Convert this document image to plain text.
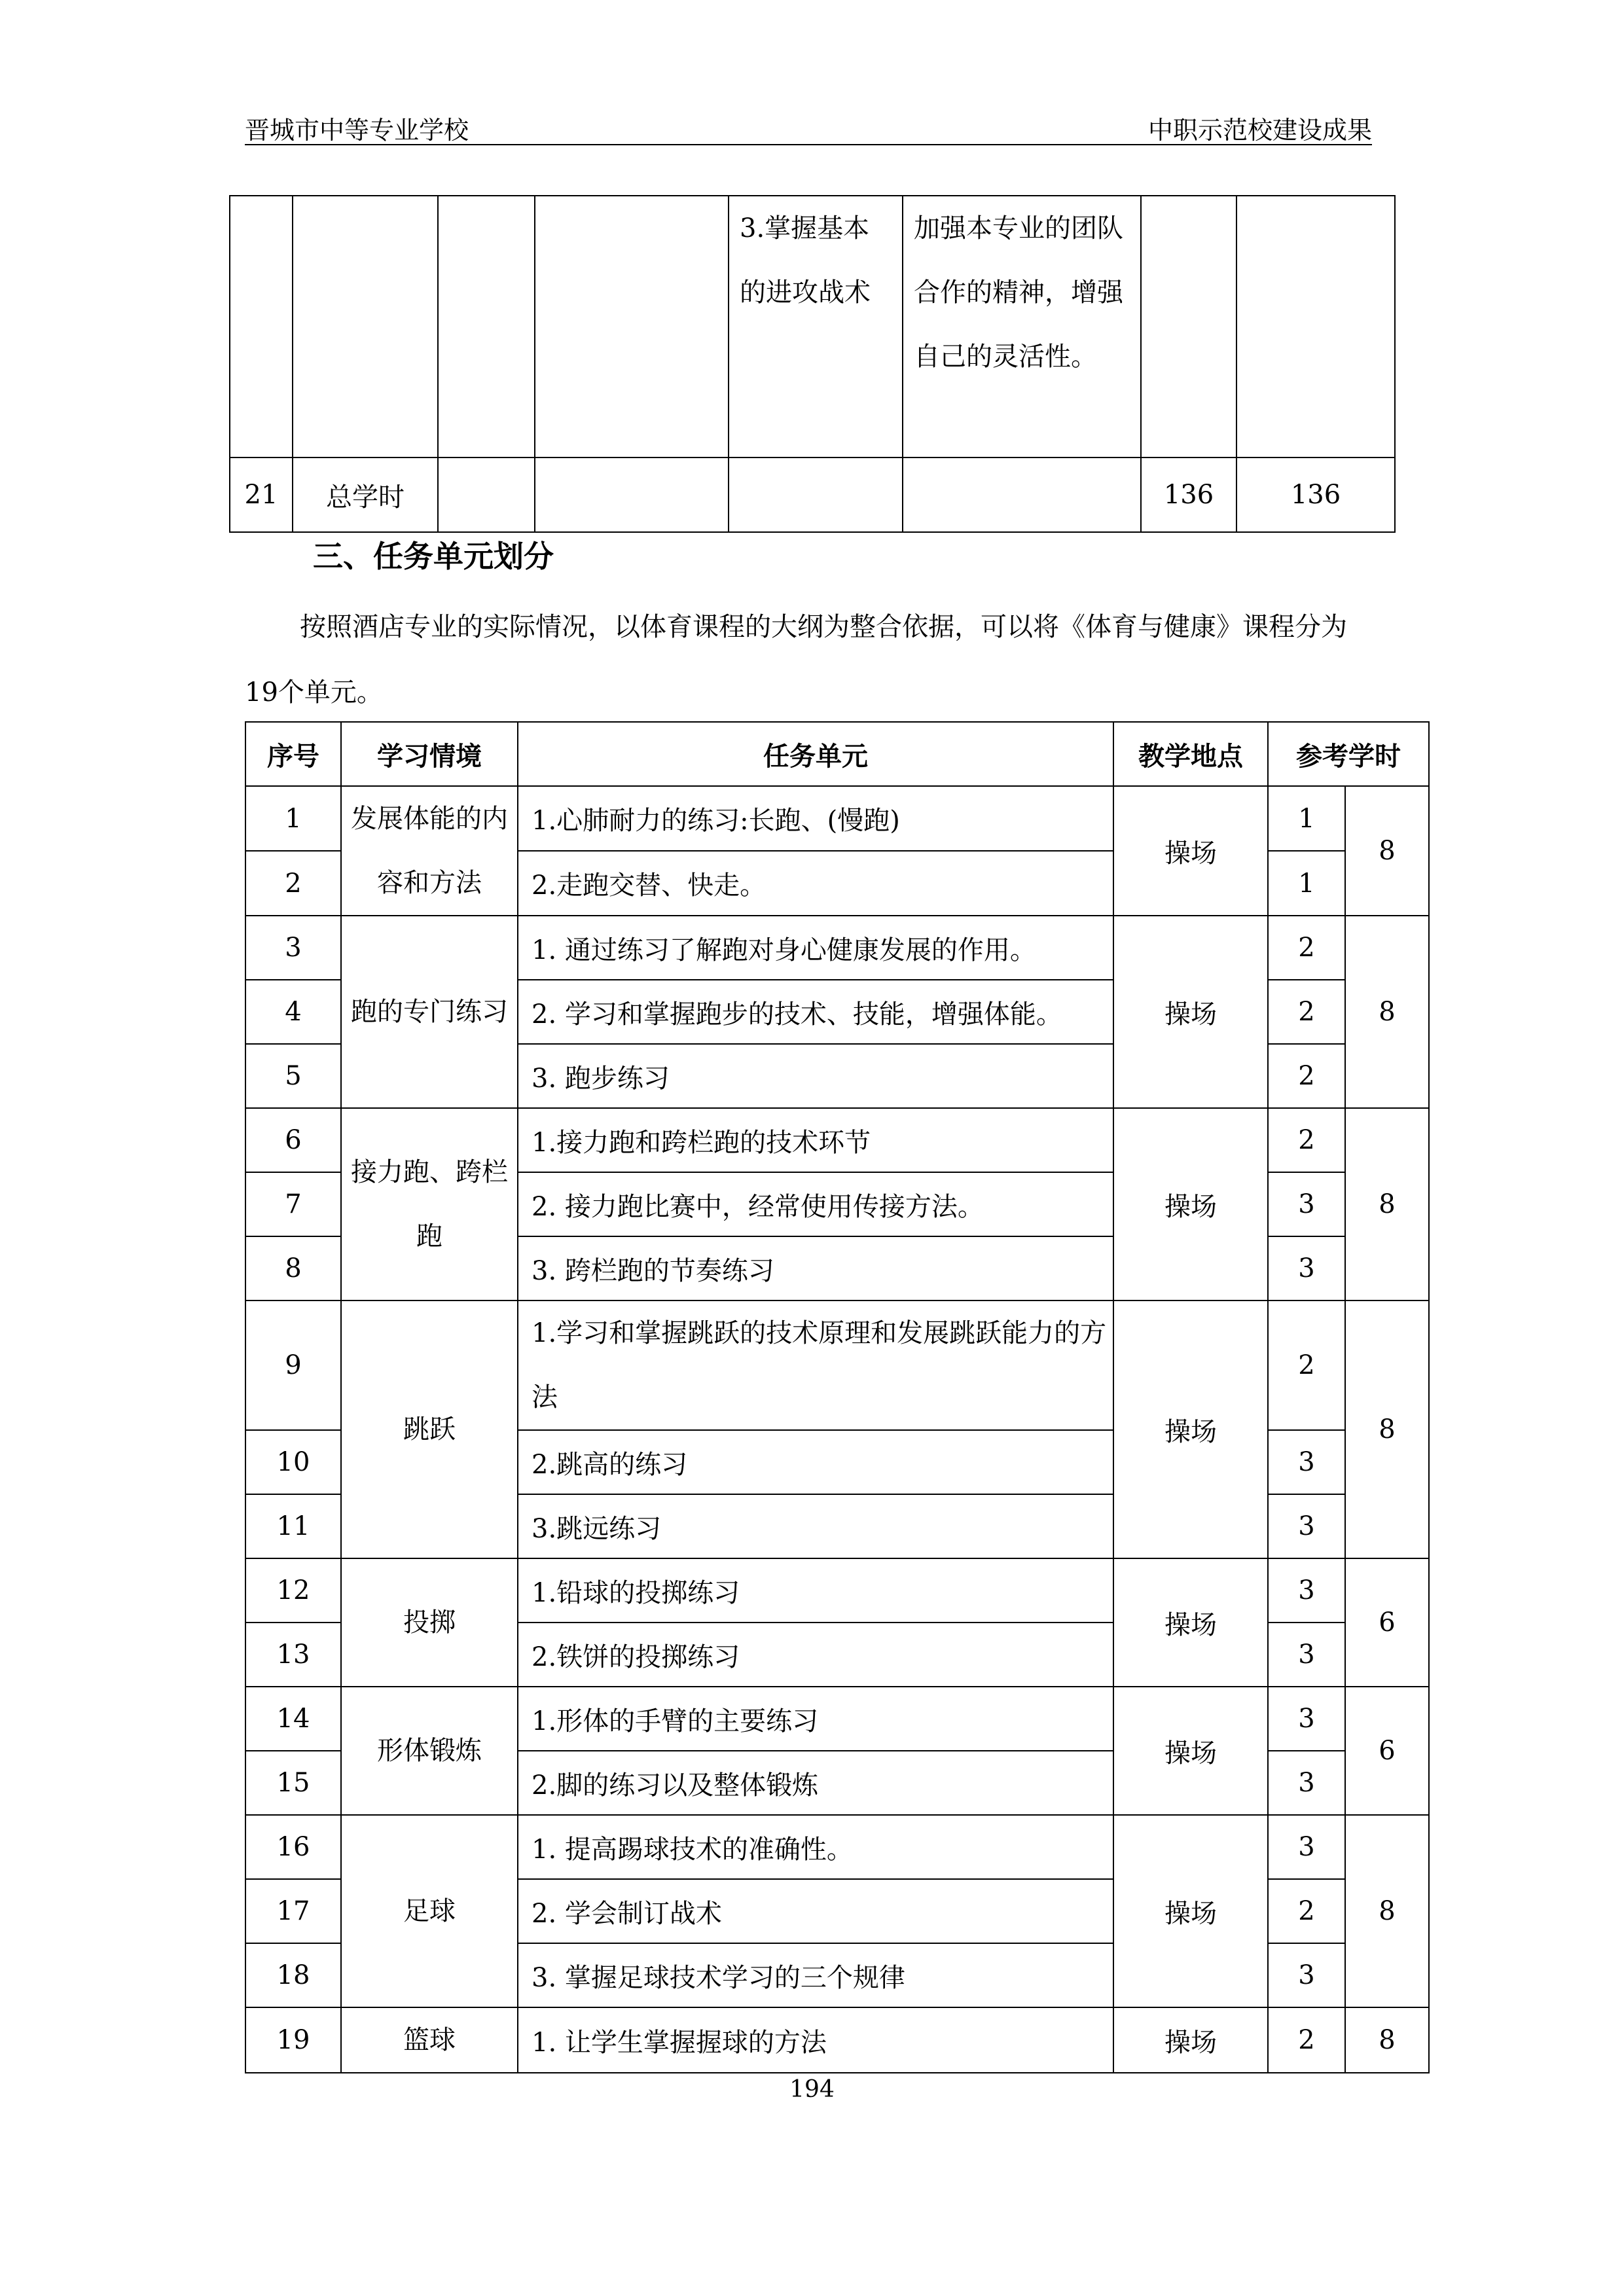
晋城市中等专业学校	中职示范校建设成果
				3.掌握基本的进攻战术	加强本专业的团队合作的精神，增强自己的灵活性。		
21	总学时					136	136
三、任务单元划分
按照酒店专业的实际情况，以体育课程的大纲为整合依据，可以将《体育与健康》课程分为19个单元。
序号	学习情境	任务单元	教学地点	参考学时	
1	发展体能的内容和方法	1.心肺耐力的练习:长跑、(慢跑)	操场	1	8
2		2.走跑交替、快走。		1	
3	跑的专门练习	1. 通过练习了解跑对身心健康发展的作用。	操场	2	8
4		2. 学习和掌握跑步的技术、技能，增强体能。		2	
5		3. 跑步练习		2	
6	接力跑、跨栏跑	1.接力跑和跨栏跑的技术环节	操场	2	8
7		2. 接力跑比赛中，经常使用传接方法。		3	
8		3. 跨栏跑的节奏练习		3	
9	跳跃	1.学习和掌握跳跃的技术原理和发展跳跃能力的方法	操场	2	8
10		2.跳高的练习		3	
11		3.跳远练习		3	
12	投掷	1.铅球的投掷练习	操场	3	6
13		2.铁饼的投掷练习		3	
14	形体锻炼	1.形体的手臂的主要练习	操场	3	6
15		2.脚的练习以及整体锻炼		3	
16	足球	1. 提高踢球技术的准确性。	操场	3	8
17		2. 学会制订战术		2	
18		3. 掌握足球技术学习的三个规律		3	
19	篮球	1. 让学生掌握握球的方法	操场	2	8
194
